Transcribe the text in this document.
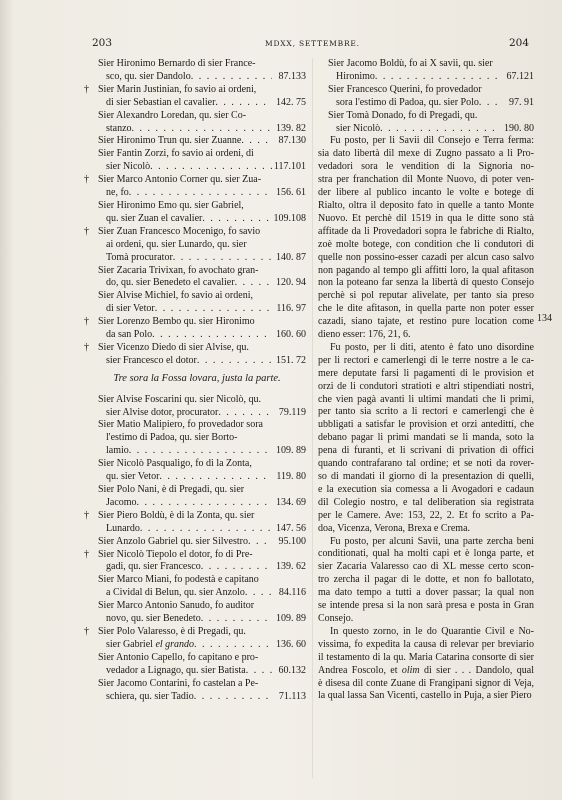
203	MDXX, SETTEMBRE.	204
Sier Hironimo Bernardo di sier France-
sco, qu. sier Dandolo . . .	87.133
† Sier Marin Justinian, fo savio ai ordeni,
di sier Sebastian el cavalier . . .	142. 75
Sier Alexandro Loredan, qu. sier Co-
stanzo . . .	139. 82
Sier Hironimo Trun qu. sier Zuanne . . .	87.130
Sier Fantin Zorzi, fo savio ai ordeni, di
sier Nicolò . . .	117.101
† Sier Marco Antonio Corner qu. sier Zua-
ne, fo . . .	156. 61
Sier Hironimo Emo qu. sier Gabriel,
qu. sier Zuan el cavalier . . .	109.108
† Sier Zuan Francesco Mocenigo, fo savio
ai ordeni, qu. sier Lunardo, qu. sier
Tomà procurator . . .	140. 87
Sier Zacaria Trivixan, fo avochato gran-
do, qu. sier Benedeto el cavalier . . .	120. 94
Sier Alvise Michiel, fo savio ai ordeni,
di sier Vetor . . .	116. 97
† Sier Lorenzo Bembo qu. sier Hironimo
da san Polo . . .	160. 60
† Sier Vicenzo Diedo di sier Alvise, qu.
sier Francesco el dotor . . .	151. 72
Tre sora la Fossa lovara, justa la parte.
Sier Alvise Foscarini qu. sier Nicolò, qu.
sier Alvise dotor, procurator . . .	79.119
Sier Matio Malipiero, fo provedador sora
l'estimo di Padoa, qu. sier Borto-
lamio . . .	109. 89
Sier Nicolò Pasqualigo, fo di la Zonta,
qu. sier Vetor . . .	119. 80
Sier Polo Nani, è di Pregadi, qu. sier
Jacomo . . .	134. 69
† Sier Piero Boldù, è di la Zonta, qu. sier
Lunardo . . .	147. 56
Sier Anzolo Gabriel qu. sier Silvestro . . .	95.100
† Sier Nicolò Tiepolo el dotor, fo di Pre-
gadi, qu. sier Francesco . . .	139. 62
Sier Marco Miani, fo podestà e capitano
a Cividal di Belun, qu. sier Anzolo . . .	84.116
Sier Marco Antonio Sanudo, fo auditor
novo, qu. sier Benedeto . . .	109. 89
† Sier Polo Valaresso, è di Pregadi, qu.
sier Gabriel el grando . . .	136. 60
Sier Antonio Capello, fo capitano e pro-
vedador a Lignago, qu. sier Batista . . .	60.132
Sier Jacomo Contarini, fo castelan a Pe-
schiera, qu. sier Tadio . . .	71.113
Sier Jacomo Boldù, fo ai X savii, qu. sier
Hironimo . . .	67.121
Sier Francesco Querini, fo provedador
sora l'estimo di Padoa, qu. sier Polo . . .	97. 91
Sier Tomà Donado, fo di Pregadi, qu.
sier Nicolò . . .	190. 80
Fu posto, per li Savii dil Consejo e Terra ferma:
sia dato libertà dil mexe di Zugno passato a li Pro-
vedadori sora le vendition di la Signoria no-
stra per franchation dil Monte Nuovo, di poter ven-
der libere al publico incanto le volte e botege di
Rialto, oltra il deposito fato in quelle a tanto Monte
Nuovo. Et perchè dil 1519 in qua le ditte sono stà
affitade da li Provedadori sopra le fabriche di Rialto,
zoè molte botege, con condition che li condutori di
quelle non possino-esser cazadi per alcun caso salvo
non pagando al tempo gli affitti loro, la qual afitason
non la poteano far senza la libertà di questo Consejo
perchè si pol reputar alivelate, per tanto sia preso
che le dite afitason, in quella parte non poter esser
cazadi, siano tajate, et restino pure location come
dieno esser: 176, 21, 6.
Fu posto, per li diti, atento è fato uno disordine
per li rectori e camerlengi di le terre nostre a le ca-
mere deputate farsi li pagamenti di le provision et
orzi de li condutori stratioti e altri stipendiati nostri,
che vien pagà avanti li ultimi mandati che li primi,
per tanto sia scrito a li rectori e camerlengi che è
ubbligati a satisfar le provision et orzi antedittí, che
debano pagar li primi mandati se li manda, soto la
pena di furanti, et li scrivani di privation di offici
quando contrafarano tal ordine; et se noti da rover-
so di mandati il giorno di la presentazion di quelli,
e la execution sia comessa a li Avogadori e cadaun
dil Colegio nostro, e tal deliberation sia registrata
per le Camere. Ave: 153, 22, 2. Et fo scrito a Pa-
doa, Vicenza, Verona, Brexa e Crema.
Fu posto, per alcuni Savii, una parte zercha beni
conditionati, qual ha molti capi et è longa parte, et
sier Zacaria Valaresso cao di XL messe certo scon-
tro zercha il pagar di le dotte, et non fo ballotato,
ma dato tempo a tutti a dover passar; la qual non
se intende presa si la non sarà presa e posta in Gran
Consejo.
In questo zorno, in le do Quarantie Civil e No-
vissima, fo expedita la causa di relevar per breviario
il testamento di la qu. Maria Catarina consorte di sier
Andrea Foscolo, et olim di sier . . . Dandolo, qual
è disesa dil conte Zuane di Frangipani signor di Veja,
la qual lassa San Vicenti, castello in Puja, a sier Piero
134
